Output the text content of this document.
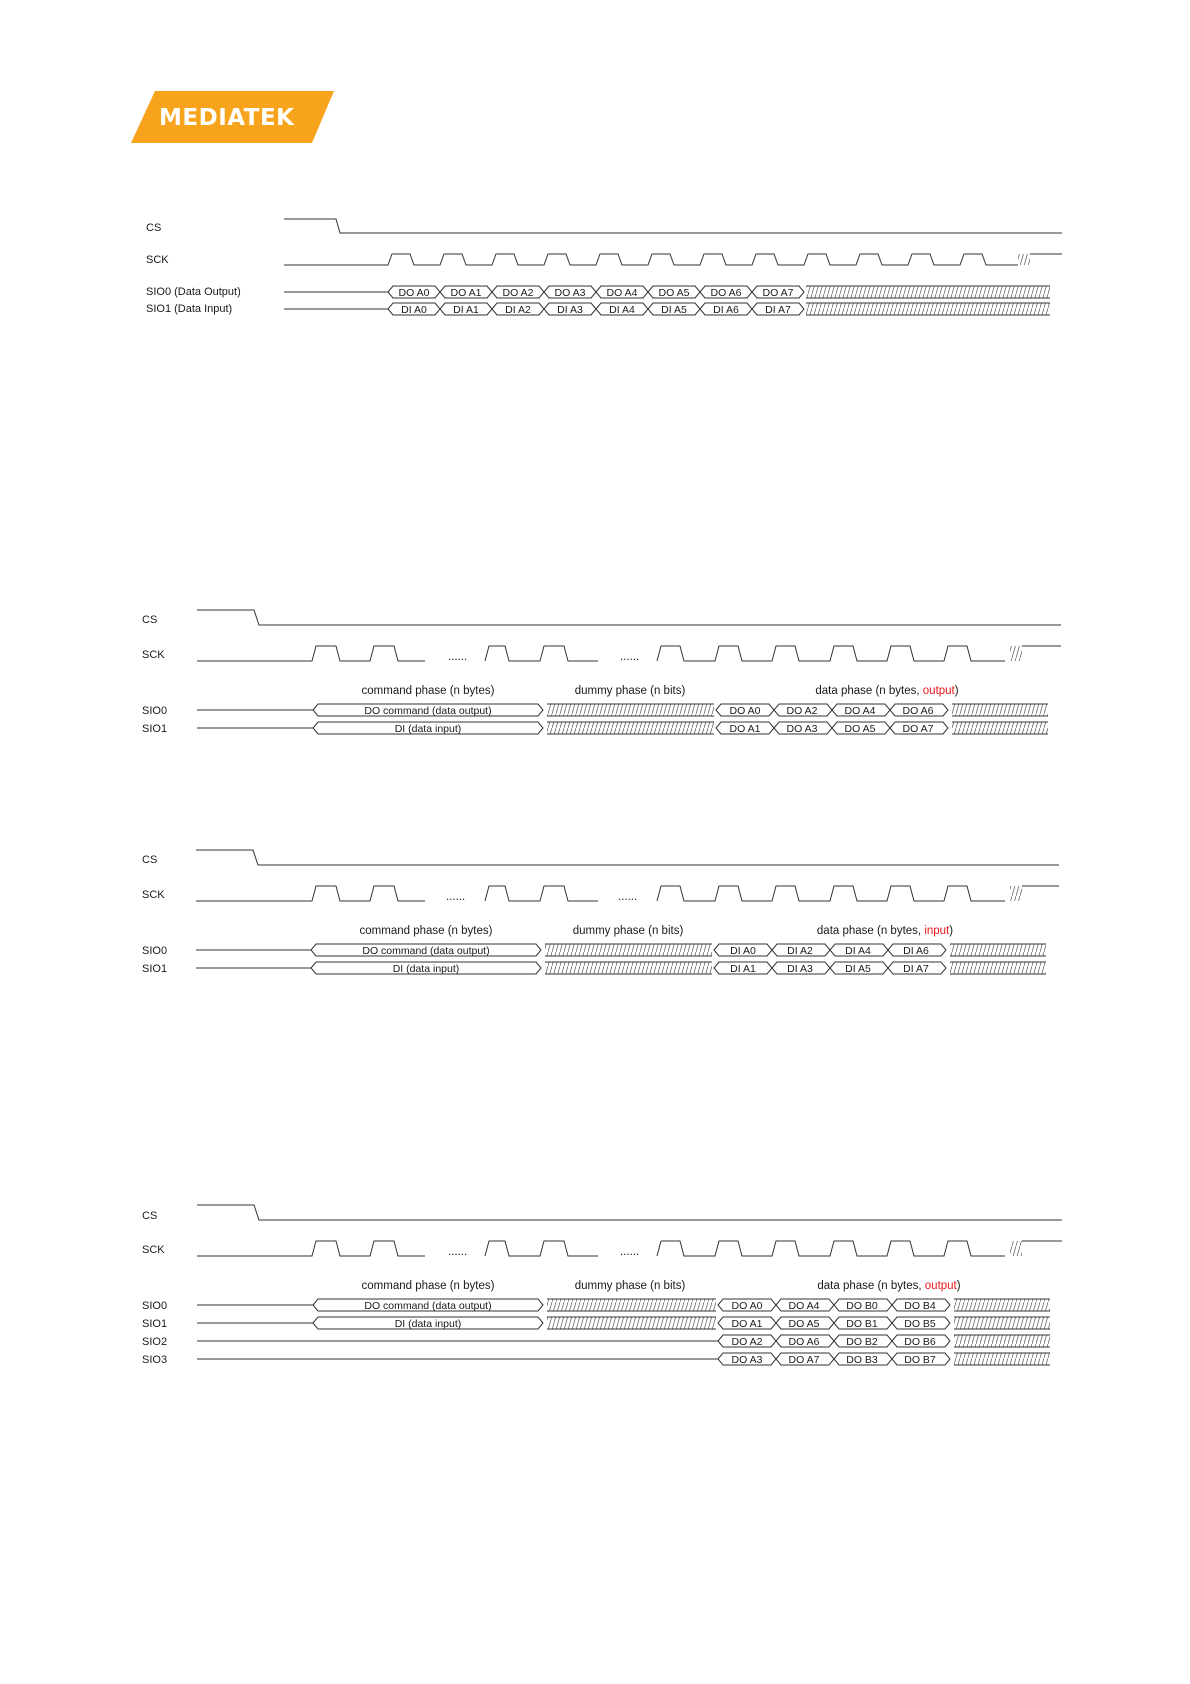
MEDIATEK
CS
SCK
SIO0 (Data Output)
SIO1 (Data Input)
DO A0 DO A1 DO A2 DO A3 DO A4 DO A5 DO A6 DO A7
DI A0	DI A1	DI A2	DI A3	DI A4	DI A5	DI A6	DI A7
CS
SCK
SIO0
SIO1
......	......
command phase (n bytes)	dummy phase (n bits)	data phase (n bytes, output)
DO command (data output)
DI (data input)
DO A0 DO A2	DO A4	DO A6
DO A1 DO A3	DO A5	DO A7
CS
SCK
SIO0
SIO1
......	......
command phase (n bytes)	dummy phase (n bits)	data phase (n bytes, input)
DO command (data output)
DI (data input)
DI A0	DI A2	DI A4	DI A6
DI A1	DI A3	DI A5	DI A7
CS
SCK
SIO0
SIO1
SIO2
SIO3
......	......
command phase (n bytes)	dummy phase (n bits)	data phase (n bytes, output)
DO command (data output)
DI (data input)
DO A0 DO A4	DO B0	DO B4
DO A1 DO A5	DO B1	DO B5
DO A2 DO A6	DO B2	DO B6
DO A3 DO A7	DO B3	DO B7
